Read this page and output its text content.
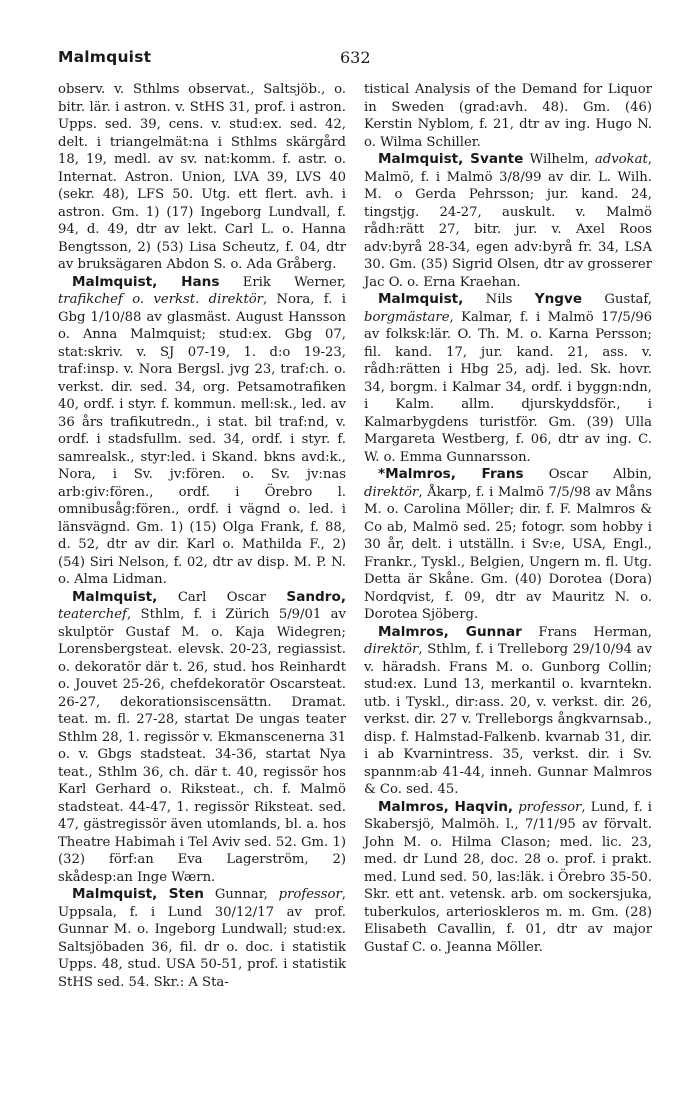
Malmquist	632

observ. v. Sthlms observat., Saltsjöb., o. bitr. lär. i astron. v. StHS 31, prof. i astron. Upps. sed. 39, cens. v. stud:ex. sed. 42, delt. i triangelmät:na i Sthlms skärgård 18, 19, medl. av sv. nat:komm. f. astr. o. Internat. Astron. Union, LVA 39, LVS 40 (sekr. 48), LFS 50. Utg. ett flert. avh. i astron. Gm. 1) (17) Ingeborg Lundvall, f. 94, d. 49, dtr av lekt. Carl L. o. Hanna Bengtsson, 2) (53) Lisa Scheutz, f. 04, dtr av bruksägaren Abdon S. o. Ada Gråberg.

Malmquist, Hans Erik Werner, trafikchef o. verkst. direktör, Nora, f. i Gbg 1/10/88 av glasmäst. August Hansson o. Anna Malmquist; stud:ex. Gbg 07, stat:skriv. v. SJ 07-19, 1. d:o 19-23, traf:insp. v. Nora Bergsl. jvg 23, traf:ch. o. verkst. dir. sed. 34, org. Petsamotrafiken 40, ordf. i styr. f. kommun. mell:sk., led. av 36 års trafikutredn., i stat. bil traf:nd, v. ordf. i stadsfullm. sed. 34, ordf. i styr. f. samrealsk., styr:led. i Skand. bkns avd:k., Nora, i Sv. jv:fören. o. Sv. jv:nas arb:giv:fören., ordf. i Örebro l. omnibusåg:fören., ordf. i vägnd o. led. i länsvägnd. Gm. 1) (15) Olga Frank, f. 88, d. 52, dtr av dir. Karl o. Mathilda F., 2) (54) Siri Nelson, f. 02, dtr av disp. M. P. N. o. Alma Lidman.

Malmquist, Carl Oscar Sandro, teaterchef, Sthlm, f. i Zürich 5/9/01 av skulptör Gustaf M. o. Kaja Widegren; Lorensbergsteat. elevsk. 20-23, regiassist. o. dekoratör där t. 26, stud. hos Reinhardt o. Jouvet 25-26, chefdekoratör Oscarsteat. 26-27, dekorationsiscensättn. Dramat. teat. m. fl. 27-28, startat De ungas teater Sthlm 28, 1. regissör v. Ekmanscenerna 31 o. v. Gbgs stadsteat. 34-36, startat Nya teat., Sthlm 36, ch. där t. 40, regissör hos Karl Gerhard o. Riksteat., ch. f. Malmö stadsteat. 44-47, 1. regissör Riksteat. sed. 47, gästregissör även utomlands, bl. a. hos Theatre Habimah i Tel Aviv sed. 52. Gm. 1) (32) förf:an Eva Lagerström, 2) skådesp:an Inge Wærn.

Malmquist, Sten Gunnar, professor, Uppsala, f. i Lund 30/12/17 av prof. Gunnar M. o. Ingeborg Lundwall; stud:ex. Saltsjöbaden 36, fil. dr o. doc. i statistik Upps. 48, stud. USA 50-51, prof. i statistik StHS sed. 54. Skr.: A Sta-

tistical Analysis of the Demand for Liquor in Sweden (grad:avh. 48). Gm. (46) Kerstin Nyblom, f. 21, dtr av ing. Hugo N. o. Wilma Schiller.

Malmquist, Svante Wilhelm, advokat, Malmö, f. i Malmö 3/8/99 av dir. L. Wilh. M. o Gerda Pehrsson; jur. kand. 24, tingstjg. 24-27, auskult. v. Malmö rådh:rätt 27, bitr. jur. v. Axel Roos adv:byrå 28-34, egen adv:byrå fr. 34, LSA 30. Gm. (35) Sigrid Olsen, dtr av grosserer Jac O. o. Erna Kraehan.

Malmquist, Nils Yngve Gustaf, borgmästare, Kalmar, f. i Malmö 17/5/96 av folksk:lär. O. Th. M. o. Karna Persson; fil. kand. 17, jur. kand. 21, ass. v. rådh:rätten i Hbg 25, adj. led. Sk. hovr. 34, borgm. i Kalmar 34, ordf. i byggn:ndn, i Kalm. allm. djurskyddsför., i Kalmarbygdens turistför. Gm. (39) Ulla Margareta Westberg, f. 06, dtr av ing. C. W. o. Emma Gunnarsson.

*Malmros, Frans Oscar Albin, direktör, Åkarp, f. i Malmö 7/5/98 av Måns M. o. Carolina Möller; dir. f. F. Malmros & Co ab, Malmö sed. 25; fotogr. som hobby i 30 år, delt. i utställn. i Sv:e, USA, Engl., Frankr., Tyskl., Belgien, Ungern m. fl. Utg. Detta är Skåne. Gm. (40) Dorotea (Dora) Nordqvist, f. 09, dtr av Mauritz N. o. Dorotea Sjöberg.

Malmros, Gunnar Frans Herman, direktör, Sthlm, f. i Trelleborg 29/10/94 av v. häradsh. Frans M. o. Gunborg Collin; stud:ex. Lund 13, merkantil o. kvarntekn. utb. i Tyskl., dir:ass. 20, v. verkst. dir. 26, verkst. dir. 27 v. Trelleborgs ångkvarnsab., disp. f. Halmstad-Falkenb. kvarnab 31, dir. i ab Kvarnintress. 35, verkst. dir. i Sv. spannm:ab 41-44, inneh. Gunnar Malmros & Co. sed. 45.

Malmros, Haqvin, professor, Lund, f. i Skabersjö, Malmöh. l., 7/11/95 av förvalt. John M. o. Hilma Clason; med. lic. 23, med. dr Lund 28, doc. 28 o. prof. i prakt. med. Lund sed. 50, las:läk. i Örebro 35-50. Skr. ett ant. vetensk. arb. om sockersjuka, tuberkulos, arterioskleros m. m. Gm. (28) Elisabeth Cavallin, f. 01, dtr av major Gustaf C. o. Jeanna Möller.
